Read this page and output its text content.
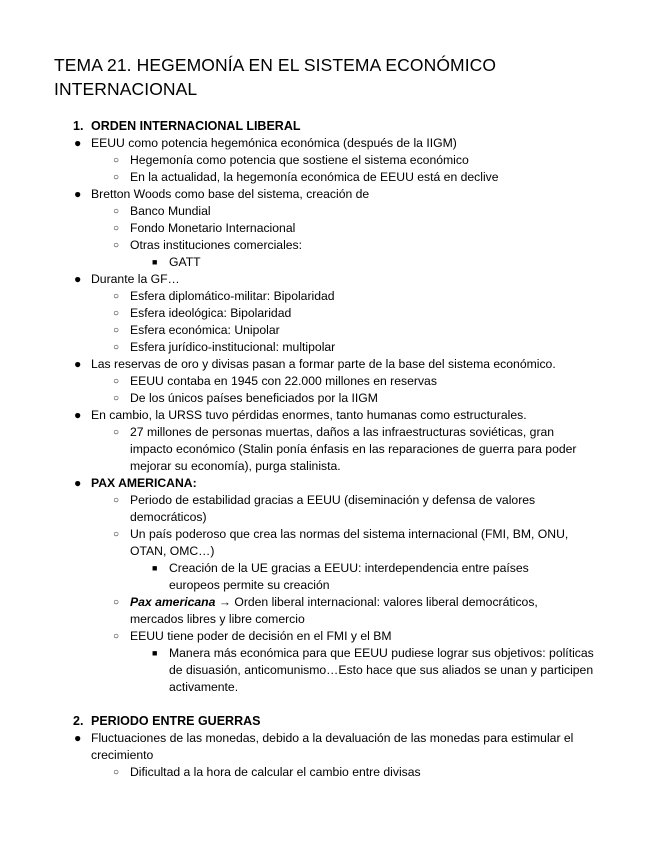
TEMA 21. HEGEMONÍA EN EL SISTEMA ECONÓMICO INTERNACIONAL
1. ORDEN INTERNACIONAL LIBERAL
● EEUU como potencia hegemónica económica (después de la IIGM)
○ Hegemonía como potencia que sostiene el sistema económico
○ En la actualidad, la hegemonía económica de EEUU está en declive
● Bretton Woods como base del sistema, creación de
○ Banco Mundial
○ Fondo Monetario Internacional
○ Otras instituciones comerciales:
■ GATT
● Durante la GF…
○ Esfera diplomático-militar: Bipolaridad
○ Esfera ideológica: Bipolaridad
○ Esfera económica: Unipolar
○ Esfera jurídico-institucional: multipolar
● Las reservas de oro y divisas pasan a formar parte de la base del sistema económico.
○ EEUU contaba en 1945 con 22.000 millones en reservas
○ De los únicos países beneficiados por la IIGM
● En cambio, la URSS tuvo pérdidas enormes, tanto humanas como estructurales.
○ 27 millones de personas muertas, daños a las infraestructuras soviéticas, gran impacto económico (Stalin ponía énfasis en las reparaciones de guerra para poder mejorar su economía), purga stalinista.
● PAX AMERICANA:
○ Periodo de estabilidad gracias a EEUU (diseminación y defensa de valores democráticos)
○ Un país poderoso que crea las normas del sistema internacional (FMI, BM, ONU, OTAN, OMC…)
■ Creación de la UE gracias a EEUU: interdependencia entre países europeos permite su creación
○ Pax americana → Orden liberal internacional: valores liberal democráticos, mercados libres y libre comercio
○ EEUU tiene poder de decisión en el FMI y el BM
■ Manera más económica para que EEUU pudiese lograr sus objetivos: políticas de disuasión, anticomunismo…Esto hace que sus aliados se unan y participen activamente.
2. PERIODO ENTRE GUERRAS
● Fluctuaciones de las monedas, debido a la devaluación de las monedas para estimular el crecimiento
○ Dificultad a la hora de calcular el cambio entre divisas
